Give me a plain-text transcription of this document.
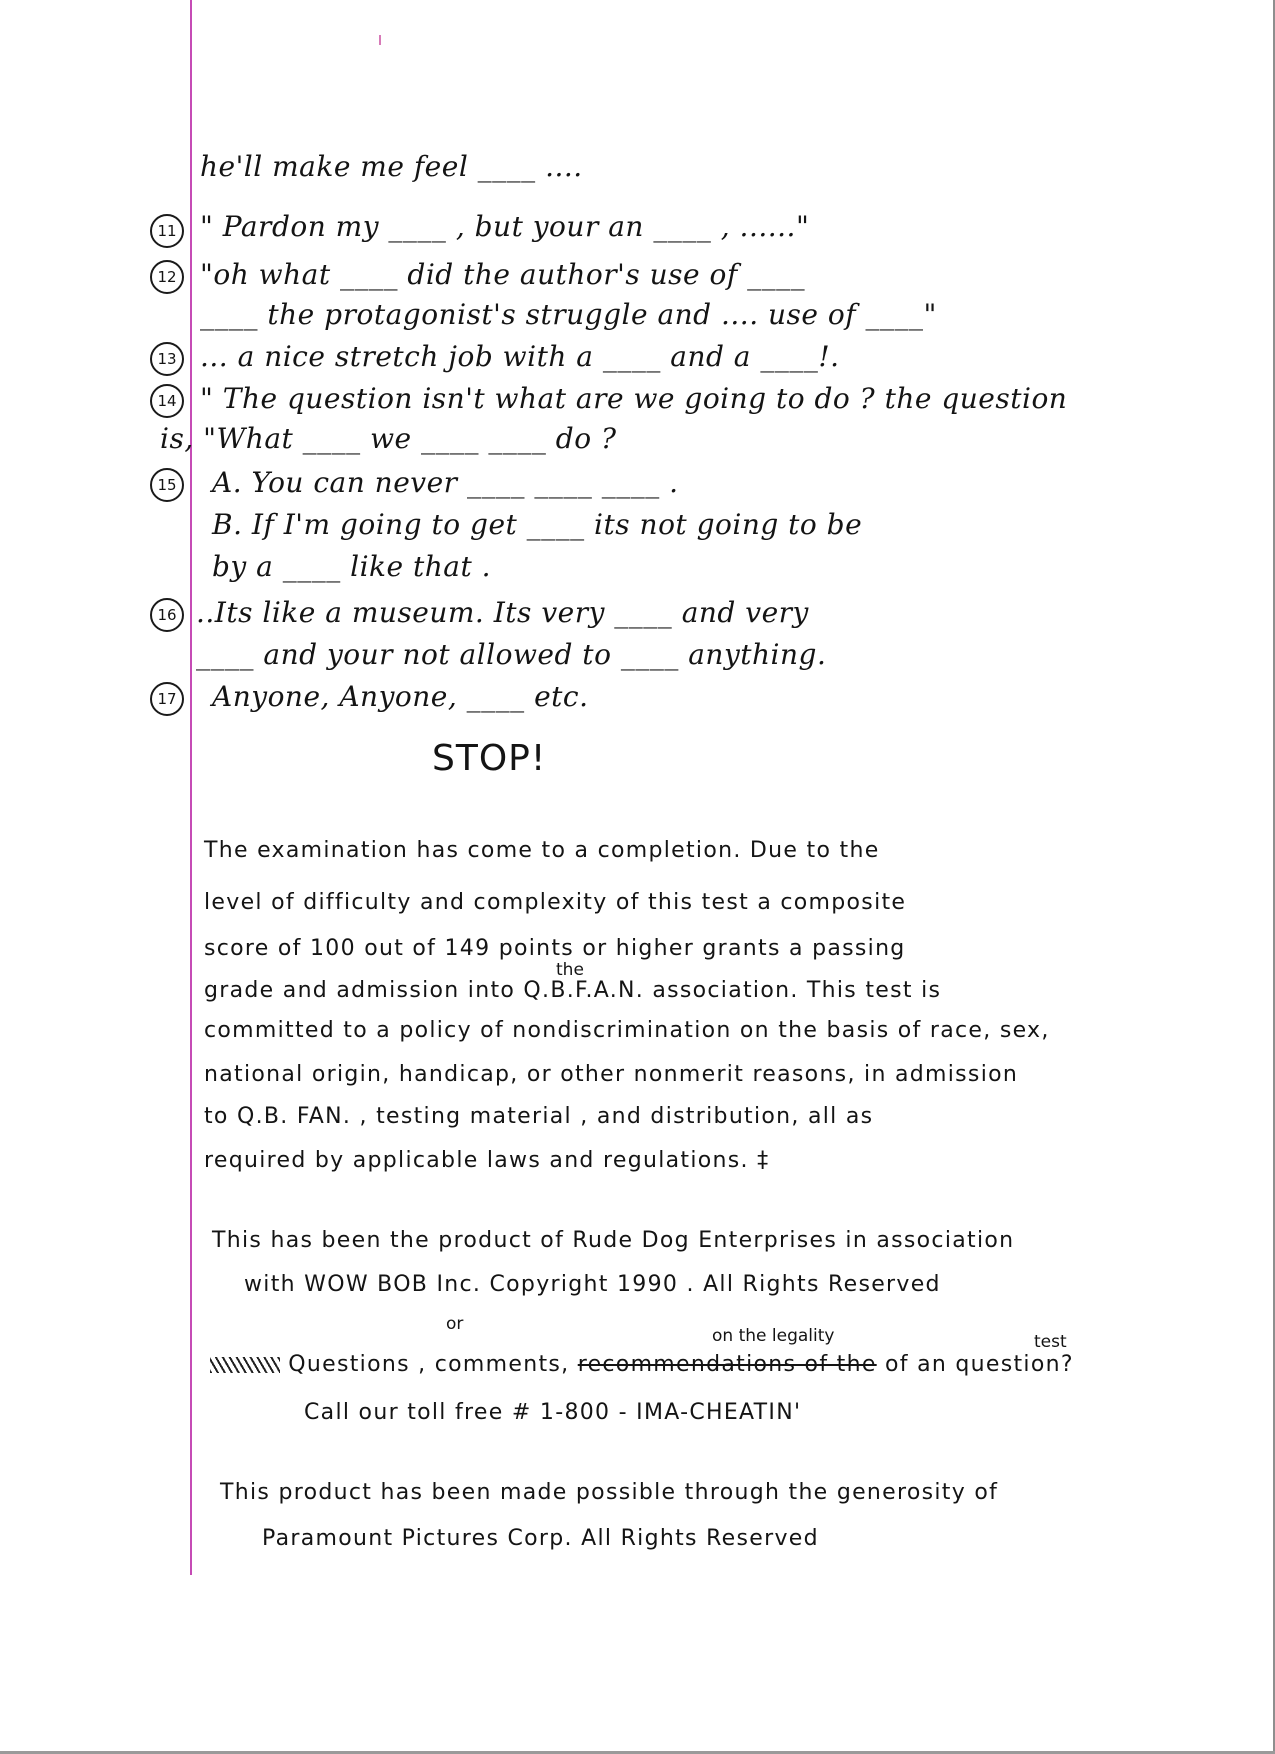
he'll make me feel ____ ....
" Pardon my ____ , but your an ____ , ......"
"oh what ____ did the author's use of ____
____ the protagonist's struggle and .... use of ____"
... a nice stretch job with a ____ and a ____!.
" The question isn't what are we going to do ? the question
is, "What ____ we ____ ____ do ?
A. You can never ____ ____ ____ .
B. If I'm going to get ____ its not going to be
by a ____ like that .
..Its like a museum. Its very ____ and very
____ and your not allowed to ____ anything.
Anyone, Anyone, ____ etc.
11
12
13
14
15
16
17
STOP!
The examination has come to a completion. Due to the
level of difficulty and complexity of this test a composite
score of 100 out of 149 points or higher grants a passing
the
grade and admission into Q.B.F.A.N. association. This test is
committed to a policy of nondiscrimination on the basis of race, sex,
national origin, handicap, or other nonmerit reasons, in admission
to Q.B. FAN. , testing material , and distribution, all as
required by applicable laws and regulations. ‡
This has been the product of Rude Dog Enterprises in association
with WOW BOB Inc. Copyright 1990 . All Rights Reserved
or
on the legality	test
Questions , comments, recommendations of the of an question?
Call our toll free # 1-800 - IMA-CHEATIN'
This product has been made possible through the generosity of
Paramount Pictures Corp. All Rights Reserved
